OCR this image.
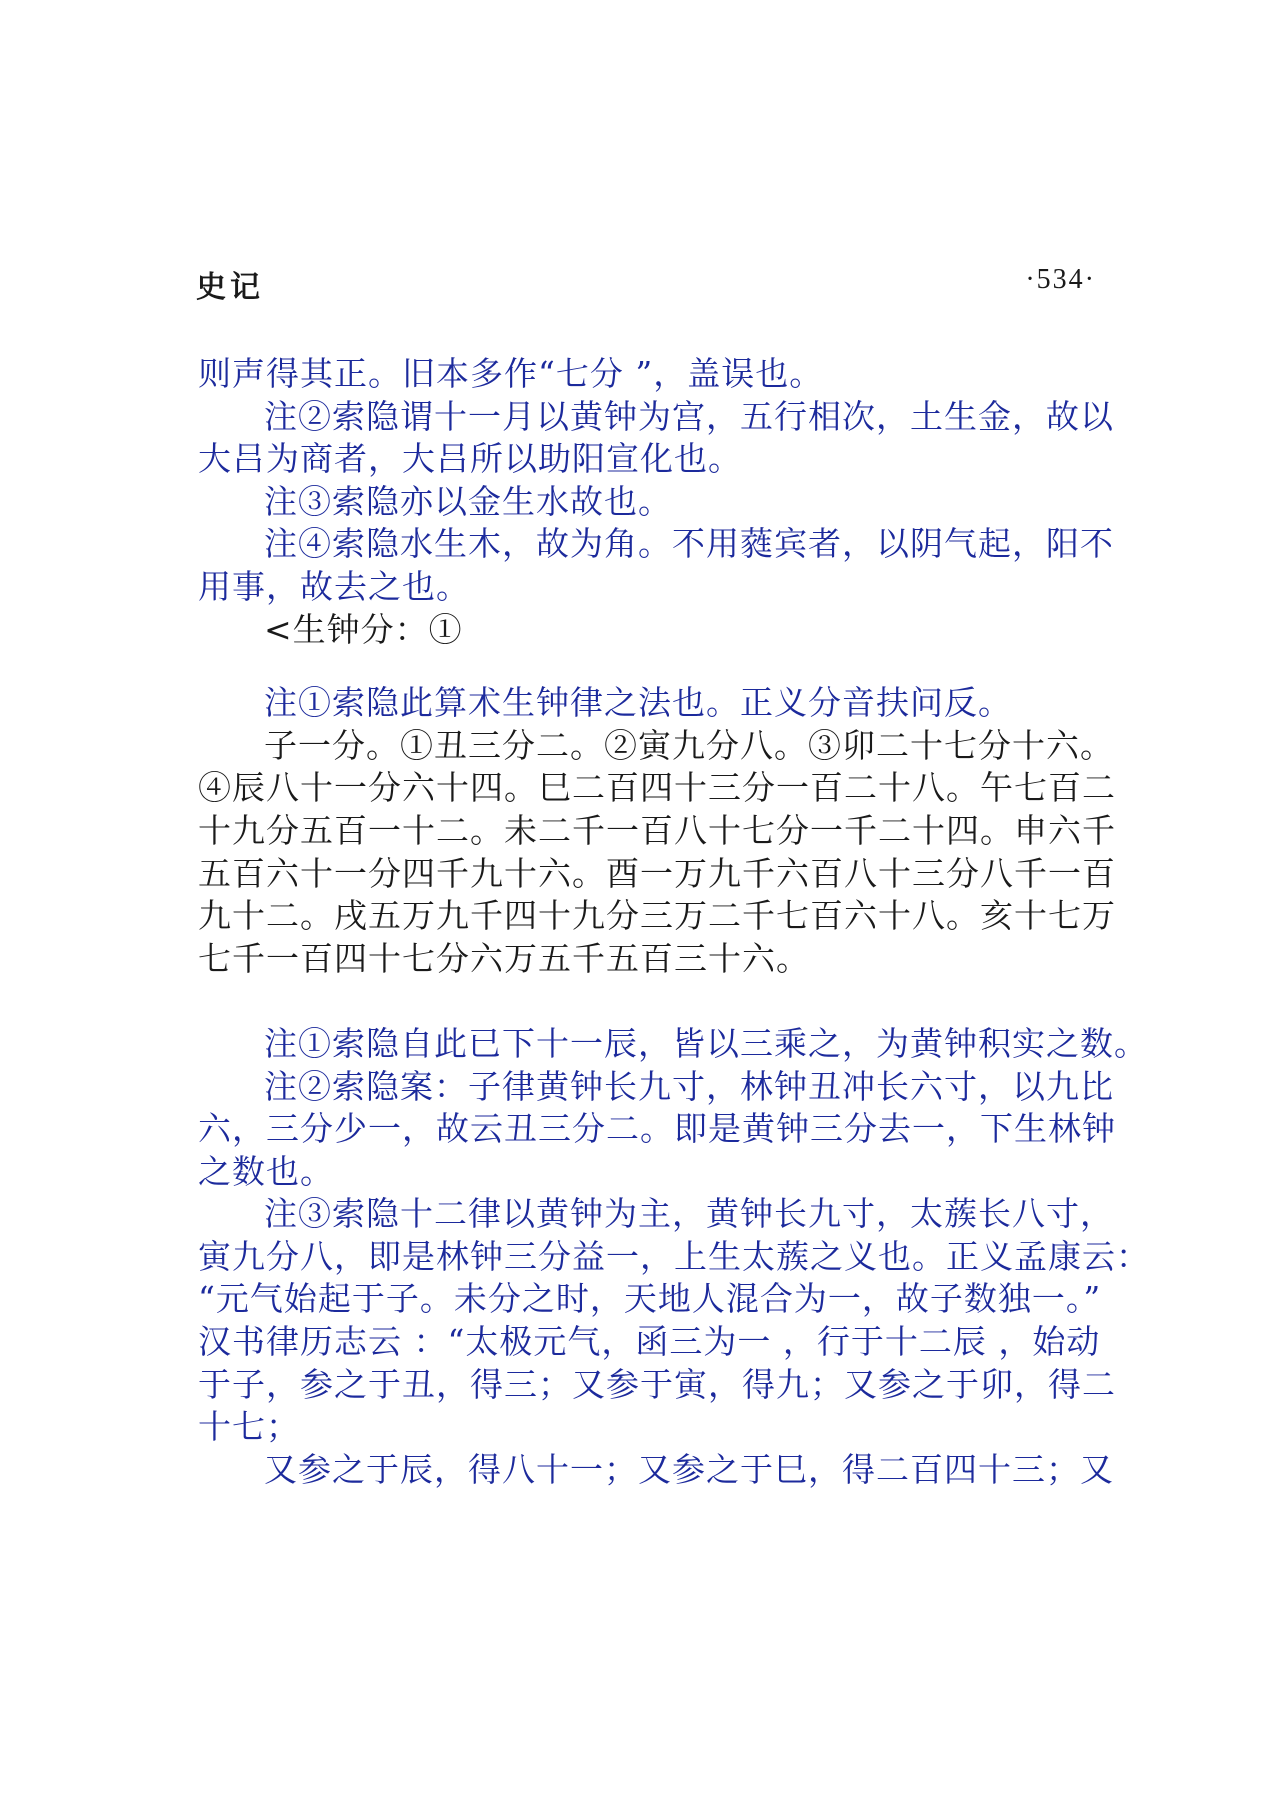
史记	·534·
则声得其正。旧本多作“七分 ”，盖误也。
注②索隐谓十一月以黄钟为宫，五行相次，土生金，故以
大吕为商者，大吕所以助阳宣化也。
注③索隐亦以金生水故也。
注④索隐水生木，故为角。不用蕤宾者，以阴气起，阳不
用事，故去之也。
<生钟分：①
注①索隐此算术生钟律之法也。正义分音扶问反。
子一分。①丑三分二。②寅九分八。③卯二十七分十六。
④辰八十一分六十四。巳二百四十三分一百二十八。午七百二
十九分五百一十二。未二千一百八十七分一千二十四。申六千
五百六十一分四千九十六。酉一万九千六百八十三分八千一百
九十二。戌五万九千四十九分三万二千七百六十八。亥十七万
七千一百四十七分六万五千五百三十六。
注①索隐自此已下十一辰，皆以三乘之，为黄钟积实之数。
注②索隐案：子律黄钟长九寸，林钟丑冲长六寸，以九比
六，三分少一，故云丑三分二。即是黄钟三分去一，下生林钟
之数也。
注③索隐十二律以黄钟为主，黄钟长九寸，太蔟长八寸，
寅九分八，即是林钟三分益一，上生太蔟之义也。正义孟康云：
“元气始起于子。未分之时，天地人混合为一，故子数独一。”
汉书律历志云 ：“太极元气，函三为一 ，行于十二辰 ，始动
于子，参之于丑，得三；又参于寅，得九；又参之于卯，得二
十七；
又参之于辰，得八十一；又参之于巳，得二百四十三；又
